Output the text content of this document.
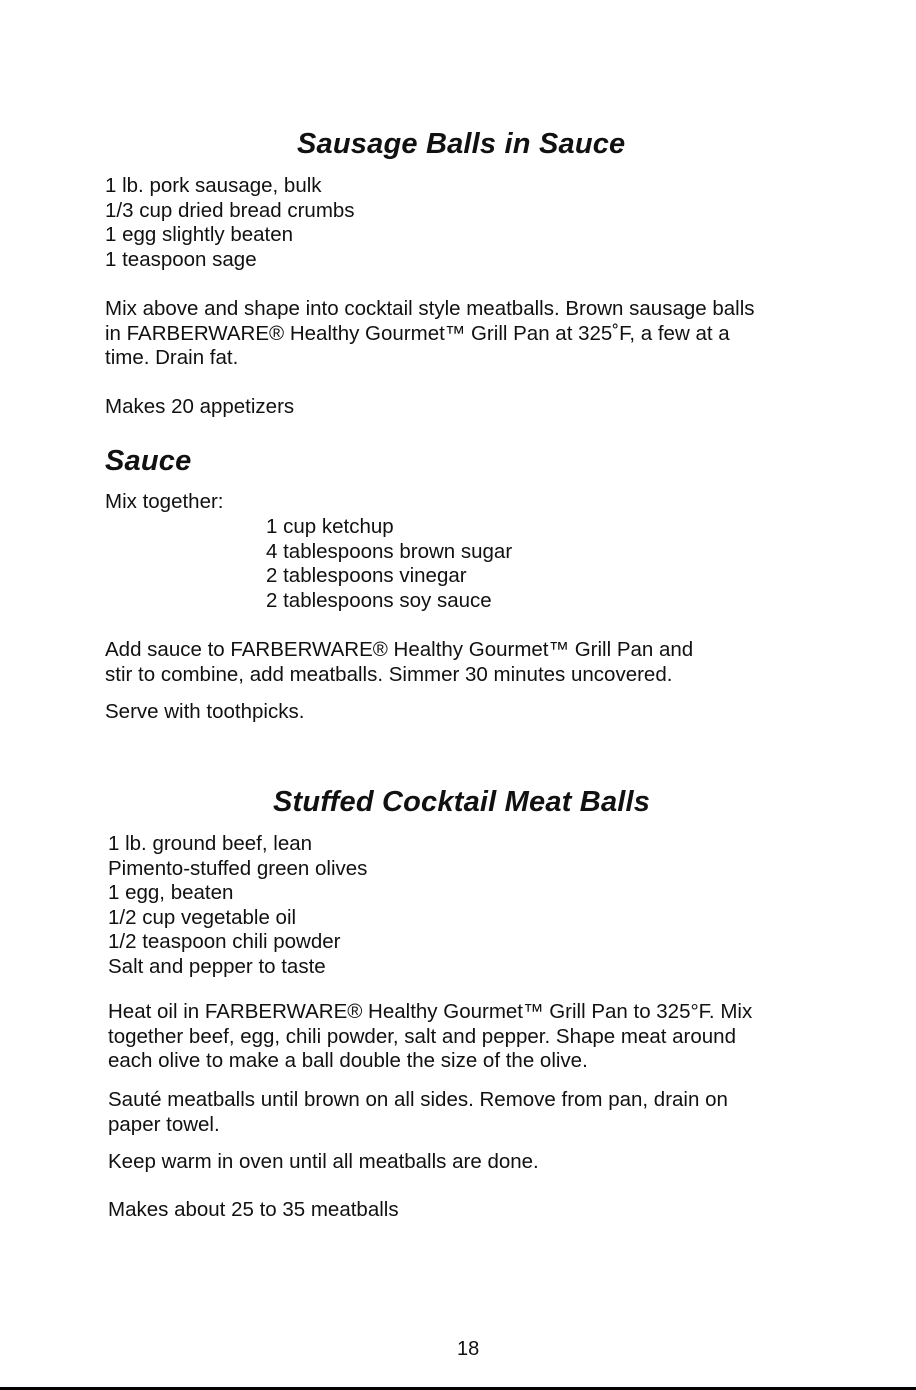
Sausage Balls in Sauce
1 lb. pork sausage, bulk
1/3 cup dried bread crumbs
1 egg slightly beaten
1 teaspoon sage
Mix above and shape into cocktail style meatballs. Brown sausage balls
in FARBERWARE® Healthy Gourmet™ Grill Pan at 325˚F, a few at a
time. Drain fat.
Makes 20 appetizers
Sauce
Mix together:
1 cup ketchup
4 tablespoons brown sugar
2 tablespoons vinegar
2 tablespoons soy sauce
Add sauce to FARBERWARE® Healthy Gourmet™ Grill Pan and
stir to combine, add meatballs. Simmer 30 minutes uncovered.
Serve with toothpicks.
Stuffed Cocktail Meat Balls
1 lb. ground beef, lean
Pimento-stuffed green olives
1 egg, beaten
1/2 cup vegetable oil
1/2 teaspoon chili powder
Salt and pepper to taste
Heat oil in FARBERWARE® Healthy Gourmet™ Grill Pan to 325°F. Mix
together beef, egg, chili powder, salt and pepper. Shape meat around
each olive to make a ball double the size of the olive.
Sauté meatballs until brown on all sides. Remove from pan, drain on
paper towel.
Keep warm in oven until all meatballs are done.
Makes about 25 to 35 meatballs
18
